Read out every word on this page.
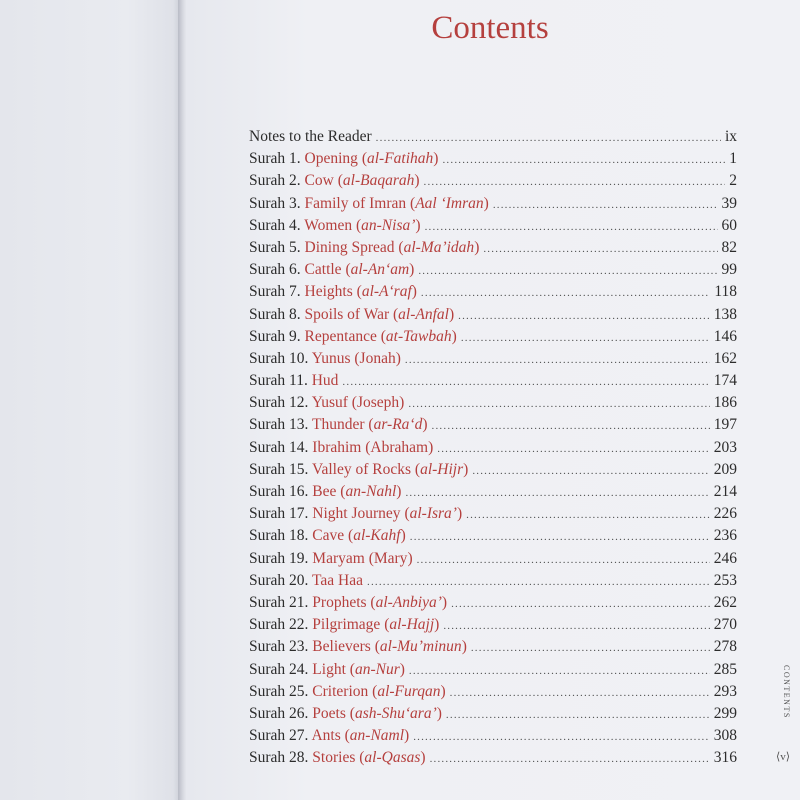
Contents
Notes to the Reader .....	ix
Surah 1. Opening (al-Fatihah) .....	1
Surah 2. Cow (al-Baqarah) .....	2
Surah 3. Family of Imran (Aal ‘Imran) .....	39
Surah 4. Women (an-Nisa’) .....	60
Surah 5. Dining Spread (al-Ma’idah) .....	82
Surah 6. Cattle (al-An‘am) .....	99
Surah 7. Heights (al-A‘raf) .....	118
Surah 8. Spoils of War (al-Anfal) .....	138
Surah 9. Repentance (at-Tawbah) .....	146
Surah 10. Yunus (Jonah) .....	162
Surah 11. Hud .....	174
Surah 12. Yusuf (Joseph) .....	186
Surah 13. Thunder (ar-Ra‘d) .....	197
Surah 14. Ibrahim (Abraham) .....	203
Surah 15. Valley of Rocks (al-Hijr) .....	209
Surah 16. Bee (an-Nahl) .....	214
Surah 17. Night Journey (al-Isra’) .....	226
Surah 18. Cave (al-Kahf) .....	236
Surah 19. Maryam (Mary) .....	246
Surah 20. Taa Haa .....	253
Surah 21. Prophets (al-Anbiya’) .....	262
Surah 22. Pilgrimage (al-Hajj) .....	270
Surah 23. Believers (al-Mu’minun) .....	278
Surah 24. Light (an-Nur) .....	285
Surah 25. Criterion (al-Furqan) .....	293
Surah 26. Poets (ash-Shu‘ara’) .....	299
Surah 27. Ants (an-Naml) .....	308
Surah 28. Stories (al-Qasas) .....	316
CONTENTS
⟨v⟩
